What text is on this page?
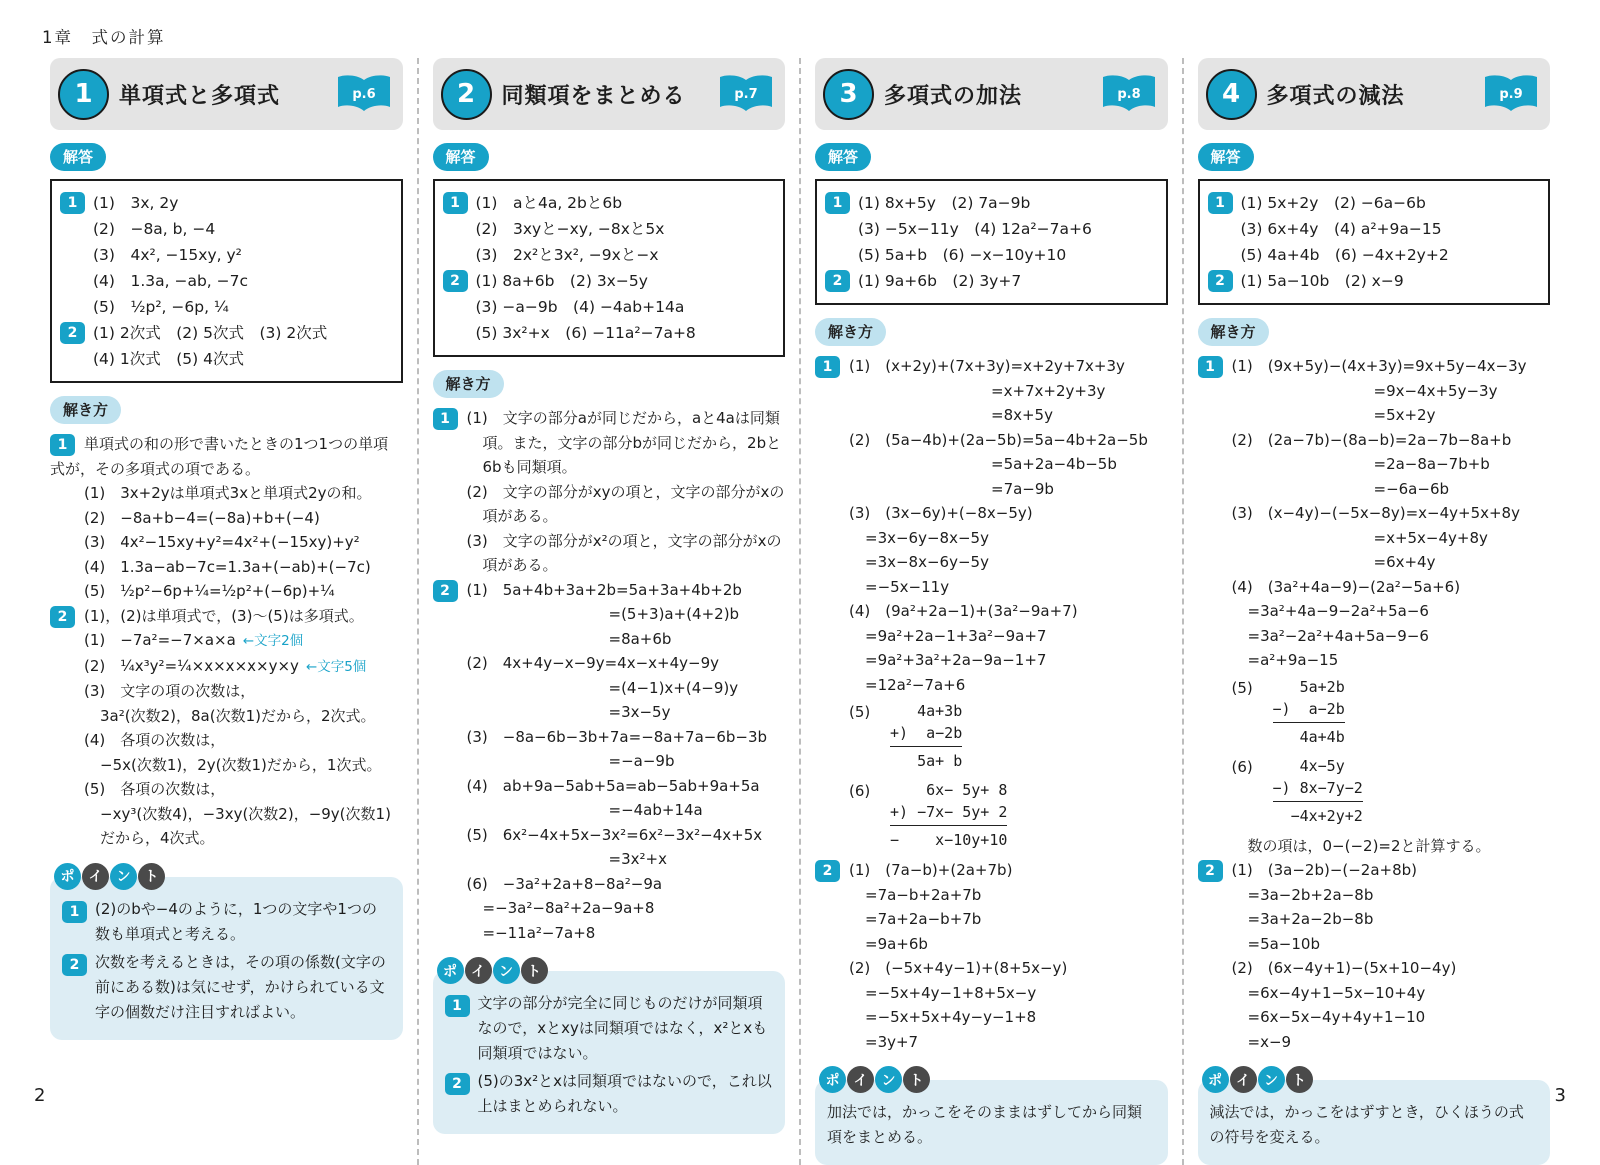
1章　式の計算
1	単項式と多項式	p.6
解答
1	(1)　3x, 2y
(2)　−8a, b, −4
(3)　4x², −15xy, y²
(4)　1.3a, −ab, −7c
(5)　½p², −6p, ¼
2	(1) 2次式　(2) 5次式　(3) 2次式
(4) 1次式　(5) 4次式
解き方
1 単項式の和の形で書いたときの1つ1つの単項式が，その多項式の項である。
(1)　3x+2yは単項式3xと単項式2yの和。
(2)　−8a+b−4=(−8a)+b+(−4)
(3)　4x²−15xy+y²=4x²+(−15xy)+y²
(4)　1.3a−ab−7c=1.3a+(−ab)+(−7c)
(5)　½p²−6p+¼=½p²+(−6p)+¼
2 (1)，(2)は単項式で，(3)〜(5)は多項式。
(1)　−7a²=−7×a×a ←文字2個
(2)　¼x³y²=¼×x×x×x×y×y ←文字5個
(3)　文字の項の次数は，
3a²(次数2)，8a(次数1)だから，2次式。
(4)　各項の次数は，
−5x(次数1)，2y(次数1)だから，1次式。
(5)　各項の次数は，
−xy³(次数4)，−3xy(次数2)，−9y(次数1)
だから，4次式。
ポ	イ	ン	ト
1	(2)のbや−4のように，1つの文字や1つの数も単項式と考える。
2	次数を考えるときは，その項の係数(文字の前にある数)は気にせず，かけられている文字の個数だけ注目すればよい。
2	同類項をまとめる	p.7
解答
1	(1)　aと4a, 2bと6b
(2)　3xyと−xy, −8xと5x
(3)　2x²と3x², −9xと−x
2	(1) 8a+6b　(2) 3x−5y
(3) −a−9b　(4) −4ab+14a
(5) 3x²+x　(6) −11a²−7a+8
解き方
1 (1)　文字の部分aが同じだから，aと4aは同類項。また，文字の部分bが同じだから，2bと6bも同類項。
(2)　文字の部分がxyの項と，文字の部分がxの項がある。
(3)　文字の部分がx²の項と，文字の部分がxの項がある。
2 (1)　5a+4b+3a+2b=5a+3a+4b+2b
=(5+3)a+(4+2)b
=8a+6b
(2)　4x+4y−x−9y=4x−x+4y−9y
=(4−1)x+(4−9)y
=3x−5y
(3)　−8a−6b−3b+7a=−8a+7a−6b−3b
=−a−9b
(4)　ab+9a−5ab+5a=ab−5ab+9a+5a
=−4ab+14a
(5)　6x²−4x+5x−3x²=6x²−3x²−4x+5x
=3x²+x
(6)　−3a²+2a+8−8a²−9a
=−3a²−8a²+2a−9a+8
=−11a²−7a+8
ポ	イ	ン	ト
1	文字の部分が完全に同じものだけが同類項なので，xとxyは同類項ではなく，x²とxも同類項ではない。
2	(5)の3x²とxは同類項ではないので，これ以上はまとめられない。
3	多項式の加法	p.8
解答
1	(1) 8x+5y　(2) 7a−9b
(3) −5x−11y　(4) 12a²−7a+6
(5) 5a+b　(6) −x−10y+10
2	(1) 9a+6b　(2) 3y+7
解き方
1 (1)　(x+2y)+(7x+3y)=x+2y+7x+3y
=x+7x+2y+3y
=8x+5y
(2)　(5a−4b)+(2a−5b)=5a−4b+2a−5b
=5a+2a−4b−5b
=7a−9b
(3)　(3x−6y)+(−8x−5y)
=3x−6y−8x−5y
=3x−8x−6y−5y
=−5x−11y
(4)　(9a²+2a−1)+(3a²−9a+7)
=9a²+2a−1+3a²−9a+7
=9a²+3a²+2a−9a−1+7
=12a²−7a+6
(5)	4a+3b
+)  a−2b
5a+ b
(6)	6x− 5y+ 8
+) −7x− 5y+ 2
−    x−10y+10
2 (1)　(7a−b)+(2a+7b)
=7a−b+2a+7b
=7a+2a−b+7b
=9a+6b
(2)　(−5x+4y−1)+(8+5x−y)
=−5x+4y−1+8+5x−y
=−5x+5x+4y−y−1+8
=3y+7
ポ	イ	ン	ト
加法では，かっこをそのままはずしてから同類項をまとめる。
4	多項式の減法	p.9
解答
1	(1) 5x+2y　(2) −6a−6b
(3) 6x+4y　(4) a²+9a−15
(5) 4a+4b　(6) −4x+2y+2
2	(1) 5a−10b　(2) x−9
解き方
1 (1)　(9x+5y)−(4x+3y)=9x+5y−4x−3y
=9x−4x+5y−3y
=5x+2y
(2)　(2a−7b)−(8a−b)=2a−7b−8a+b
=2a−8a−7b+b
=−6a−6b
(3)　(x−4y)−(−5x−8y)=x−4y+5x+8y
=x+5x−4y+8y
=6x+4y
(4)　(3a²+4a−9)−(2a²−5a+6)
=3a²+4a−9−2a²+5a−6
=3a²−2a²+4a+5a−9−6
=a²+9a−15
(5)	5a+2b
−)  a−2b
4a+4b
(6)	4x−5y
−) 8x−7y−2
−4x+2y+2
数の項は，0−(−2)=2と計算する。
2 (1)　(3a−2b)−(−2a+8b)
=3a−2b+2a−8b
=3a+2a−2b−8b
=5a−10b
(2)　(6x−4y+1)−(5x+10−4y)
=6x−4y+1−5x−10+4y
=6x−5x−4y+4y+1−10
=x−9
ポ	イ	ン	ト
減法では，かっこをはずすとき，ひくほうの式の符号を変える。
2	3
